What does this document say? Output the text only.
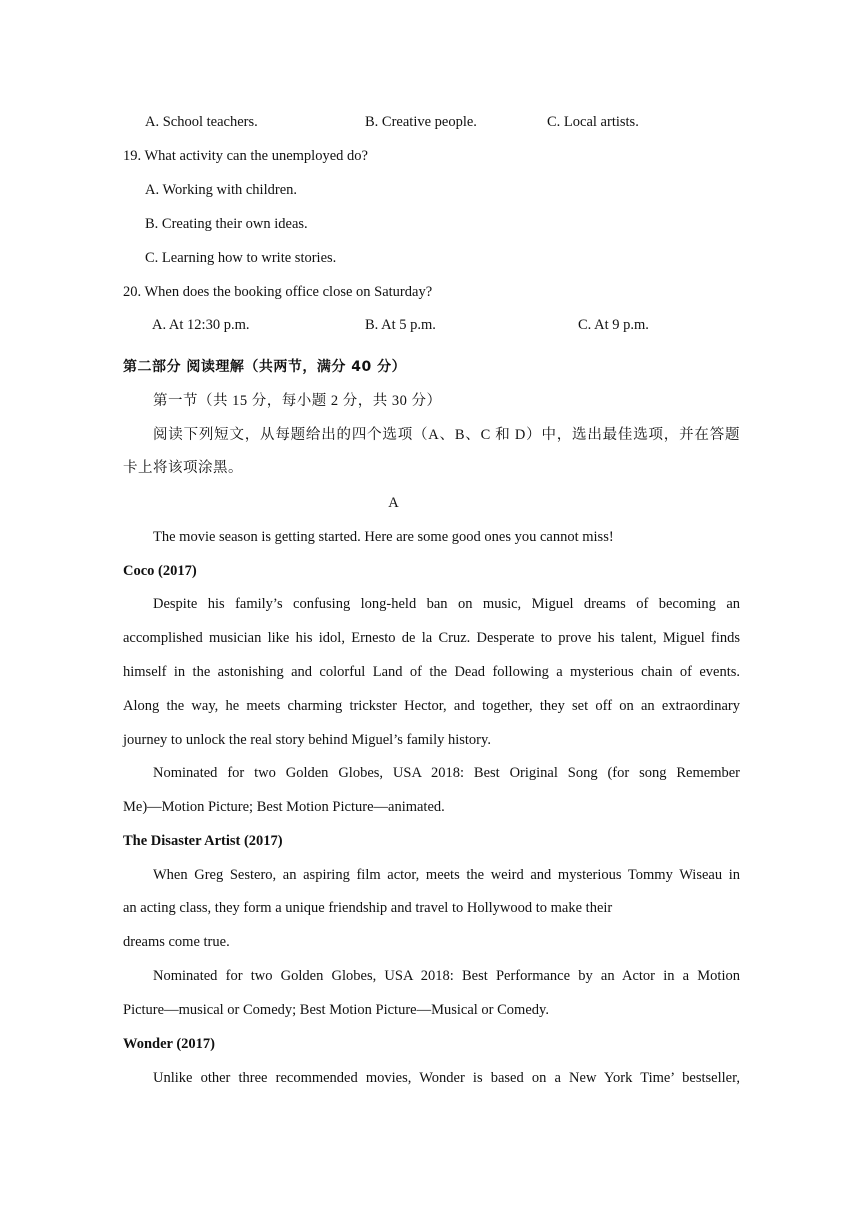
A. School teachers.	B. Creative people.	C. Local artists.
19. What activity can the unemployed do?
A. Working with children.
B. Creating their own ideas.
C. Learning how to write stories.
20. When does the booking office close on Saturday?
A. At 12:30 p.m.	B. At 5 p.m.	C. At 9 p.m.
第二部分 阅读理解（共两节，满分 40 分）
第一节（共 15 分，每小题 2 分，共 30 分）
阅读下列短文，从每题给出的四个选项（A、B、C 和 D）中，选出最佳选项，并在答题
卡上将该项涂黑。
A
The movie season is getting started. Here are some good ones you cannot miss!
Coco (2017)
Despite his family’s confusing long-held ban on music, Miguel dreams of becoming an
accomplished musician like his idol, Ernesto de la Cruz. Desperate to prove his talent, Miguel finds
himself in the astonishing and colorful Land of the Dead following a mysterious chain of events.
Along the way, he meets charming trickster Hector, and together, they set off on an extraordinary
journey to unlock the real story behind Miguel’s family history.
Nominated for two Golden Globes, USA 2018: Best Original Song (for song Remember
Me)—Motion Picture; Best Motion Picture—animated.
The Disaster Artist (2017)
When Greg Sestero, an aspiring film actor, meets the weird and mysterious Tommy Wiseau in
an acting class, they form a unique friendship and travel to Hollywood to make their
dreams come true.
Nominated for two Golden Globes, USA 2018: Best Performance by an Actor in a Motion
Picture—musical or Comedy; Best Motion Picture—Musical or Comedy.
Wonder (2017)
Unlike other three recommended movies, Wonder is based on a New York Time’ bestseller,
